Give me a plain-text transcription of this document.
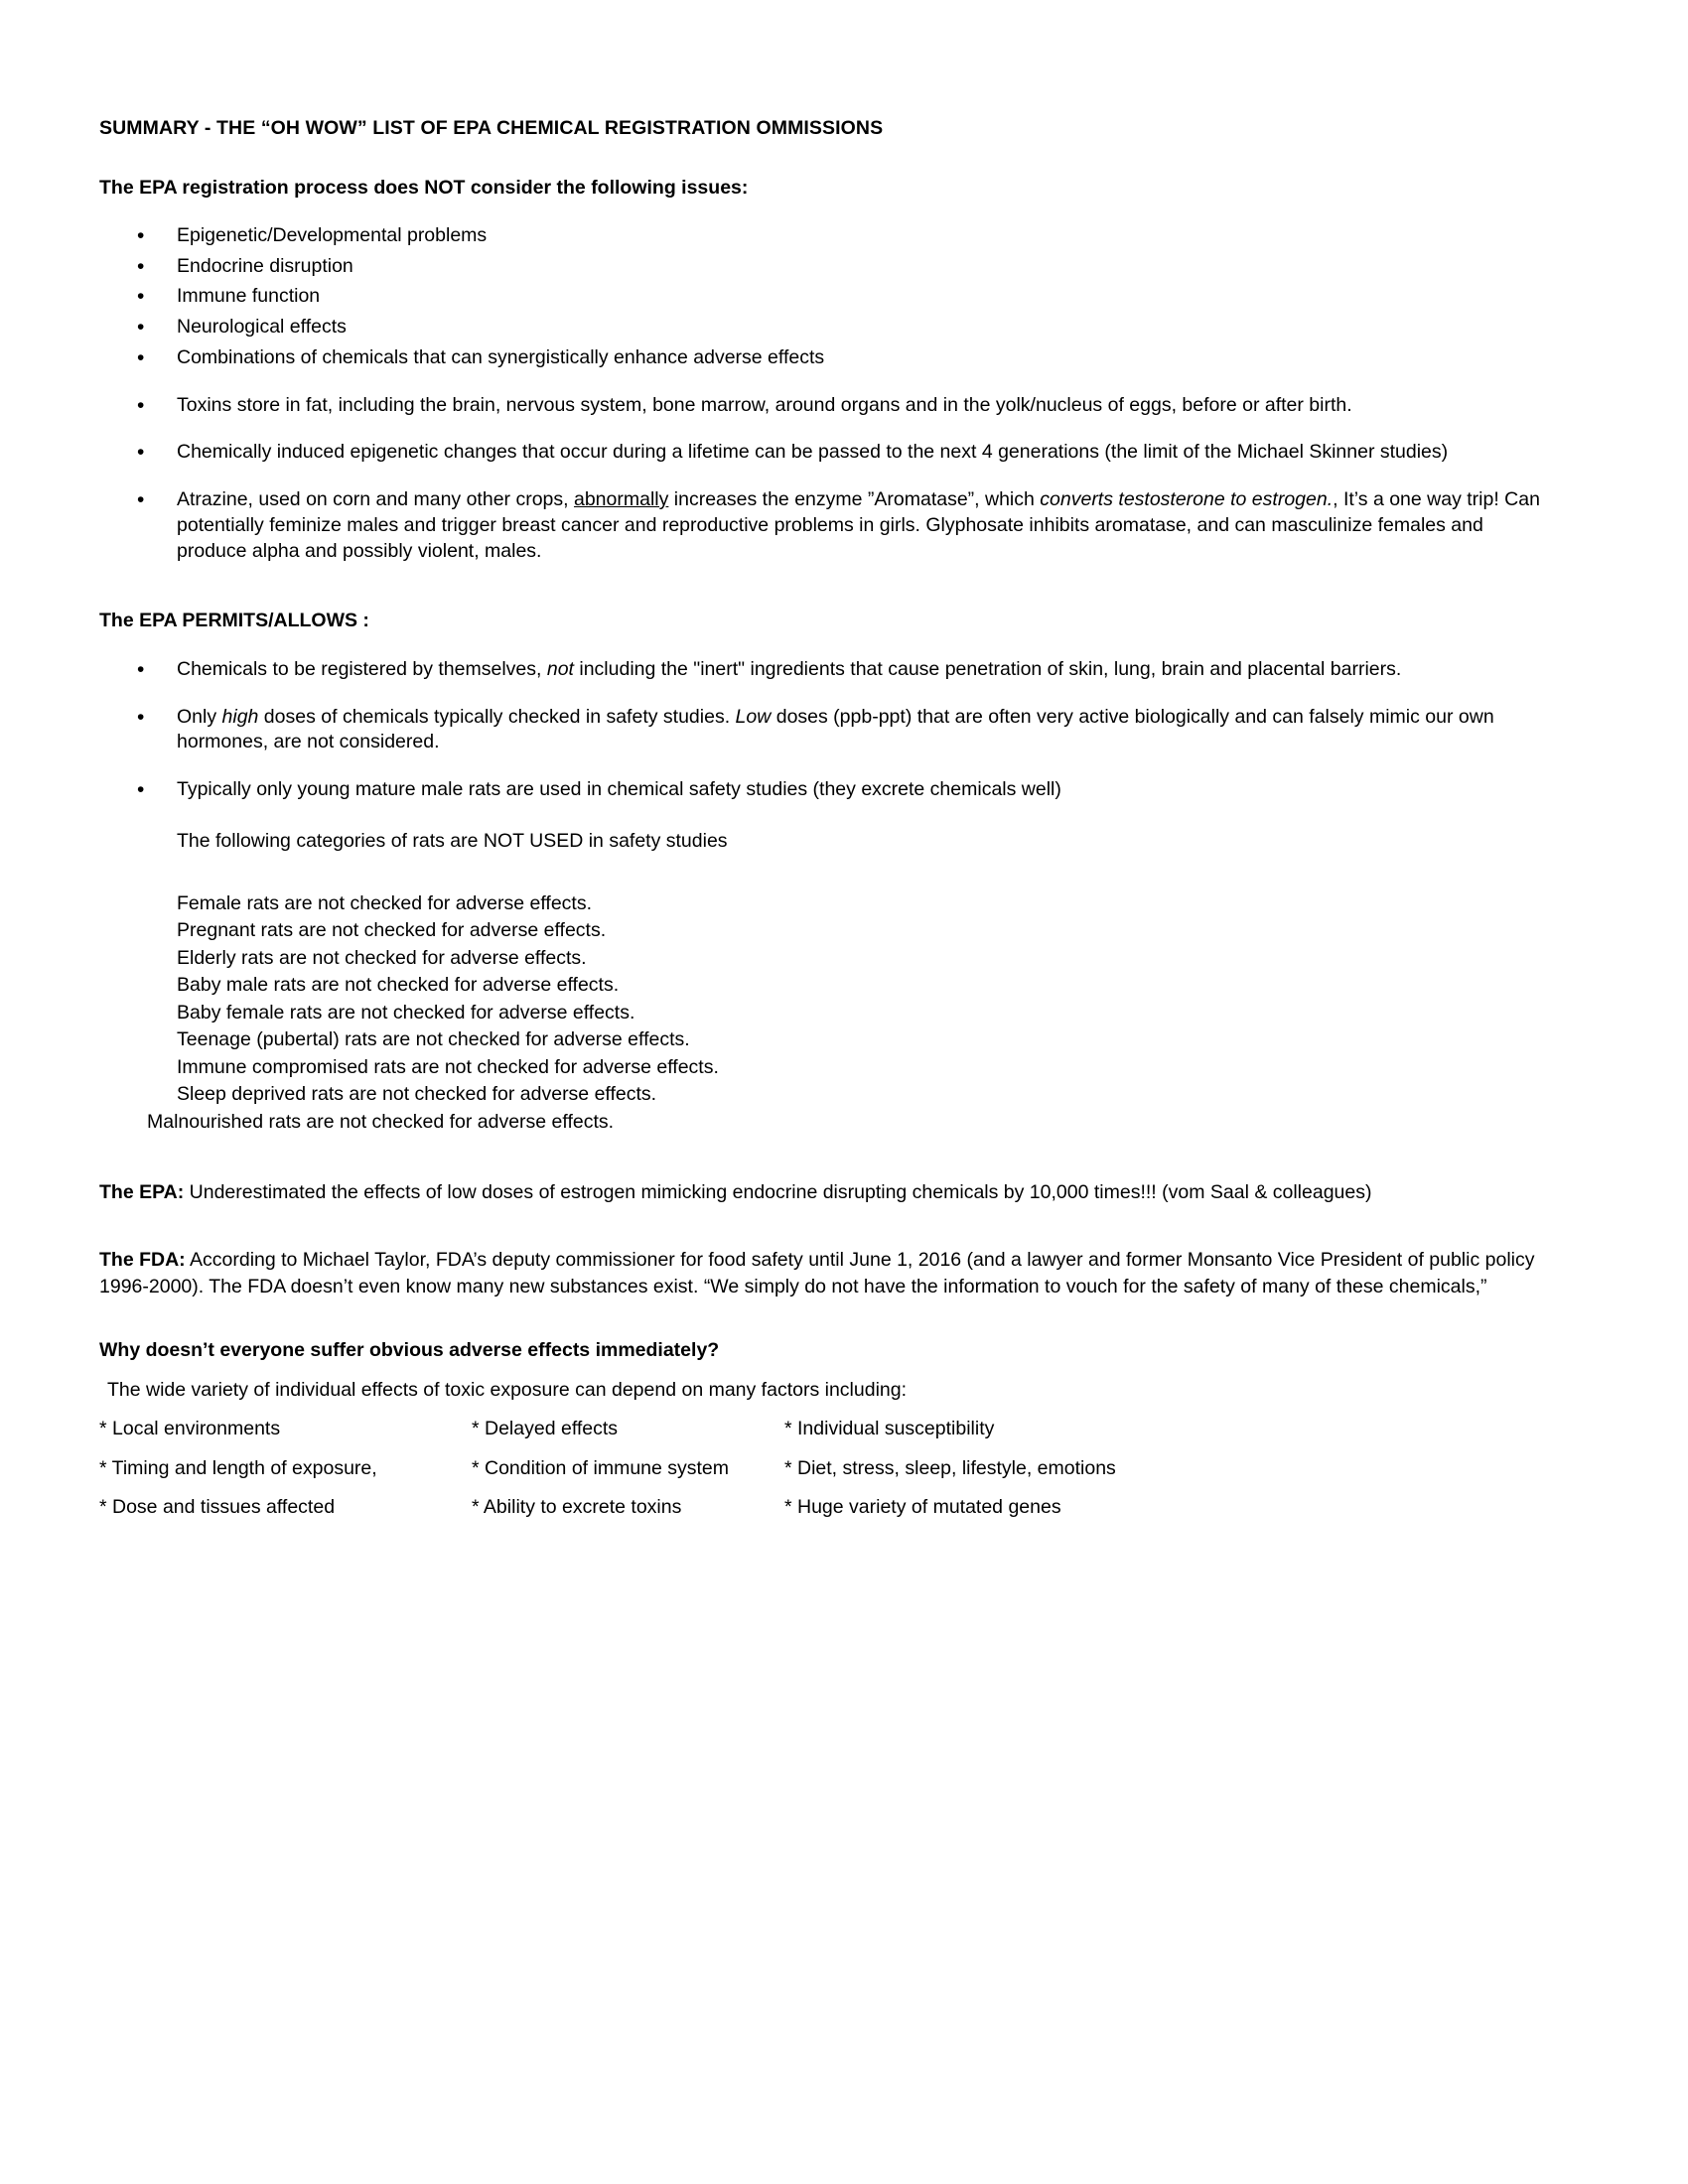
SUMMARY - THE “OH WOW” LIST OF EPA CHEMICAL REGISTRATION OMMISSIONS
The EPA registration process does NOT consider the following issues:
• Epigenetic/Developmental problems
• Endocrine disruption
• Immune function
• Neurological effects
• Combinations of chemicals that can synergistically enhance adverse effects
• Toxins store in fat, including the brain, nervous system, bone marrow, around organs and in the yolk/nucleus of eggs, before or after birth.
• Chemically induced epigenetic changes that occur during a lifetime can be passed to the next 4 generations (the limit of the Michael Skinner studies)
• Atrazine, used on corn and many other crops, abnormally increases the enzyme ”Aromatase”, which converts testosterone to estrogen., It’s a one way trip! Can potentially feminize males and trigger breast cancer and reproductive problems in girls. Glyphosate inhibits aromatase, and can masculinize females and produce alpha and possibly violent, males.
The EPA PERMITS/ALLOWS :
• Chemicals to be registered by themselves, not including the "inert" ingredients that cause penetration of skin, lung, brain and placental barriers.
• Only high doses of chemicals typically checked in safety studies. Low doses (ppb-ppt) that are often very active biologically and can falsely mimic our own hormones, are not considered.
• Typically only young mature male rats are used in chemical safety studies (they excrete chemicals well)
The following categories of rats are NOT USED in safety studies
Female rats are not checked for adverse effects.
Pregnant rats are not checked for adverse effects.
Elderly rats are not checked for adverse effects.
Baby male rats are not checked for adverse effects.
Baby female rats are not checked for adverse effects.
Teenage (pubertal) rats are not checked for adverse effects.
Immune compromised rats are not checked for adverse effects.
Sleep deprived rats are not checked for adverse effects.
Malnourished rats are not checked for adverse effects.

The EPA: Underestimated the effects of low doses of estrogen mimicking endocrine disrupting chemicals by 10,000 times!!! (vom Saal & colleagues)

The FDA: According to Michael Taylor, FDA’s deputy commissioner for food safety until June 1, 2016 (and a lawyer and former Monsanto Vice President of public policy 1996-2000). The FDA doesn’t even know many new substances exist. “We simply do not have the information to vouch for the safety of many of these chemicals,”

Why doesn’t everyone suffer obvious adverse effects immediately?
The wide variety of individual effects of toxic exposure can depend on many factors including:
* Local environments	* Delayed effects	* Individual susceptibility
* Timing and length of exposure,	* Condition of immune system	* Diet, stress, sleep, lifestyle, emotions
* Dose and tissues affected	* Ability to excrete toxins	* Huge variety of mutated genes
